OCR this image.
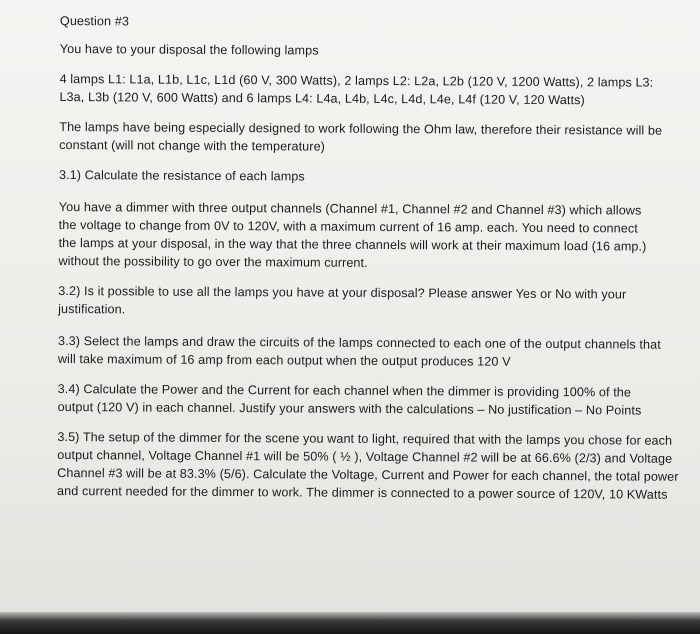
Question #3

You have to your disposal the following lamps

4 lamps L1: L1a, L1b, L1c, L1d (60 V, 300 Watts), 2 lamps L2: L2a, L2b (120 V, 1200 Watts), 2 lamps L3: L3a, L3b (120 V, 600 Watts) and 6 lamps L4: L4a, L4b, L4c, L4d, L4e, L4f (120 V, 120 Watts)

The lamps have being especially designed to work following the Ohm law, therefore their resistance will be constant (will not change with the temperature)

3.1) Calculate the resistance of each lamps

You have a dimmer with three output channels (Channel #1, Channel #2 and Channel #3) which allows the voltage to change from 0V to 120V, with a maximum current of 16 amp. each. You need to connect the lamps at your disposal, in the way that the three channels will work at their maximum load (16 amp.) without the possibility to go over the maximum current.

3.2) Is it possible to use all the lamps you have at your disposal? Please answer Yes or No with your justification.

3.3) Select the lamps and draw the circuits of the lamps connected to each one of the output channels that will take maximum of 16 amp from each output when the output produces 120 V

3.4) Calculate the Power and the Current for each channel when the dimmer is providing 100% of the output (120 V) in each channel. Justify your answers with the calculations – No justification – No Points

3.5) The setup of the dimmer for the scene you want to light, required that with the lamps you chose for each output channel, Voltage Channel #1 will be 50% ( ½ ), Voltage Channel #2 will be at 66.6% (2/3) and Voltage Channel #3 will be at 83.3% (5/6). Calculate the Voltage, Current and Power for each channel, the total power and current needed for the dimmer to work. The dimmer is connected to a power source of 120V, 10 KWatts
